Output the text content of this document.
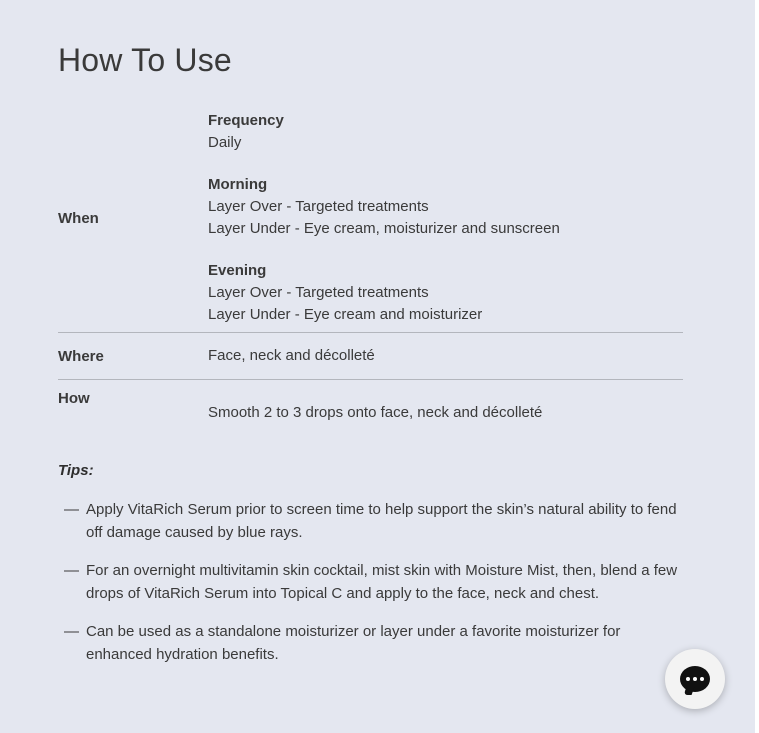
How To Use
When
Frequency
Daily
Morning
Layer Over - Targeted treatments
Layer Under - Eye cream, moisturizer and sunscreen
Evening
Layer Over - Targeted treatments
Layer Under - Eye cream and moisturizer
Where	Face, neck and décolleté
How
Smooth 2 to 3 drops onto face, neck and décolleté
Tips:
— Apply VitaRich Serum prior to screen time to help support the skin’s natural ability to fend off damage caused by blue rays.
— For an overnight multivitamin skin cocktail, mist skin with Moisture Mist, then, blend a few drops of VitaRich Serum into Topical C and apply to the face, neck and chest.
— Can be used as a standalone moisturizer or layer under a favorite moisturizer for enhanced hydration benefits.
